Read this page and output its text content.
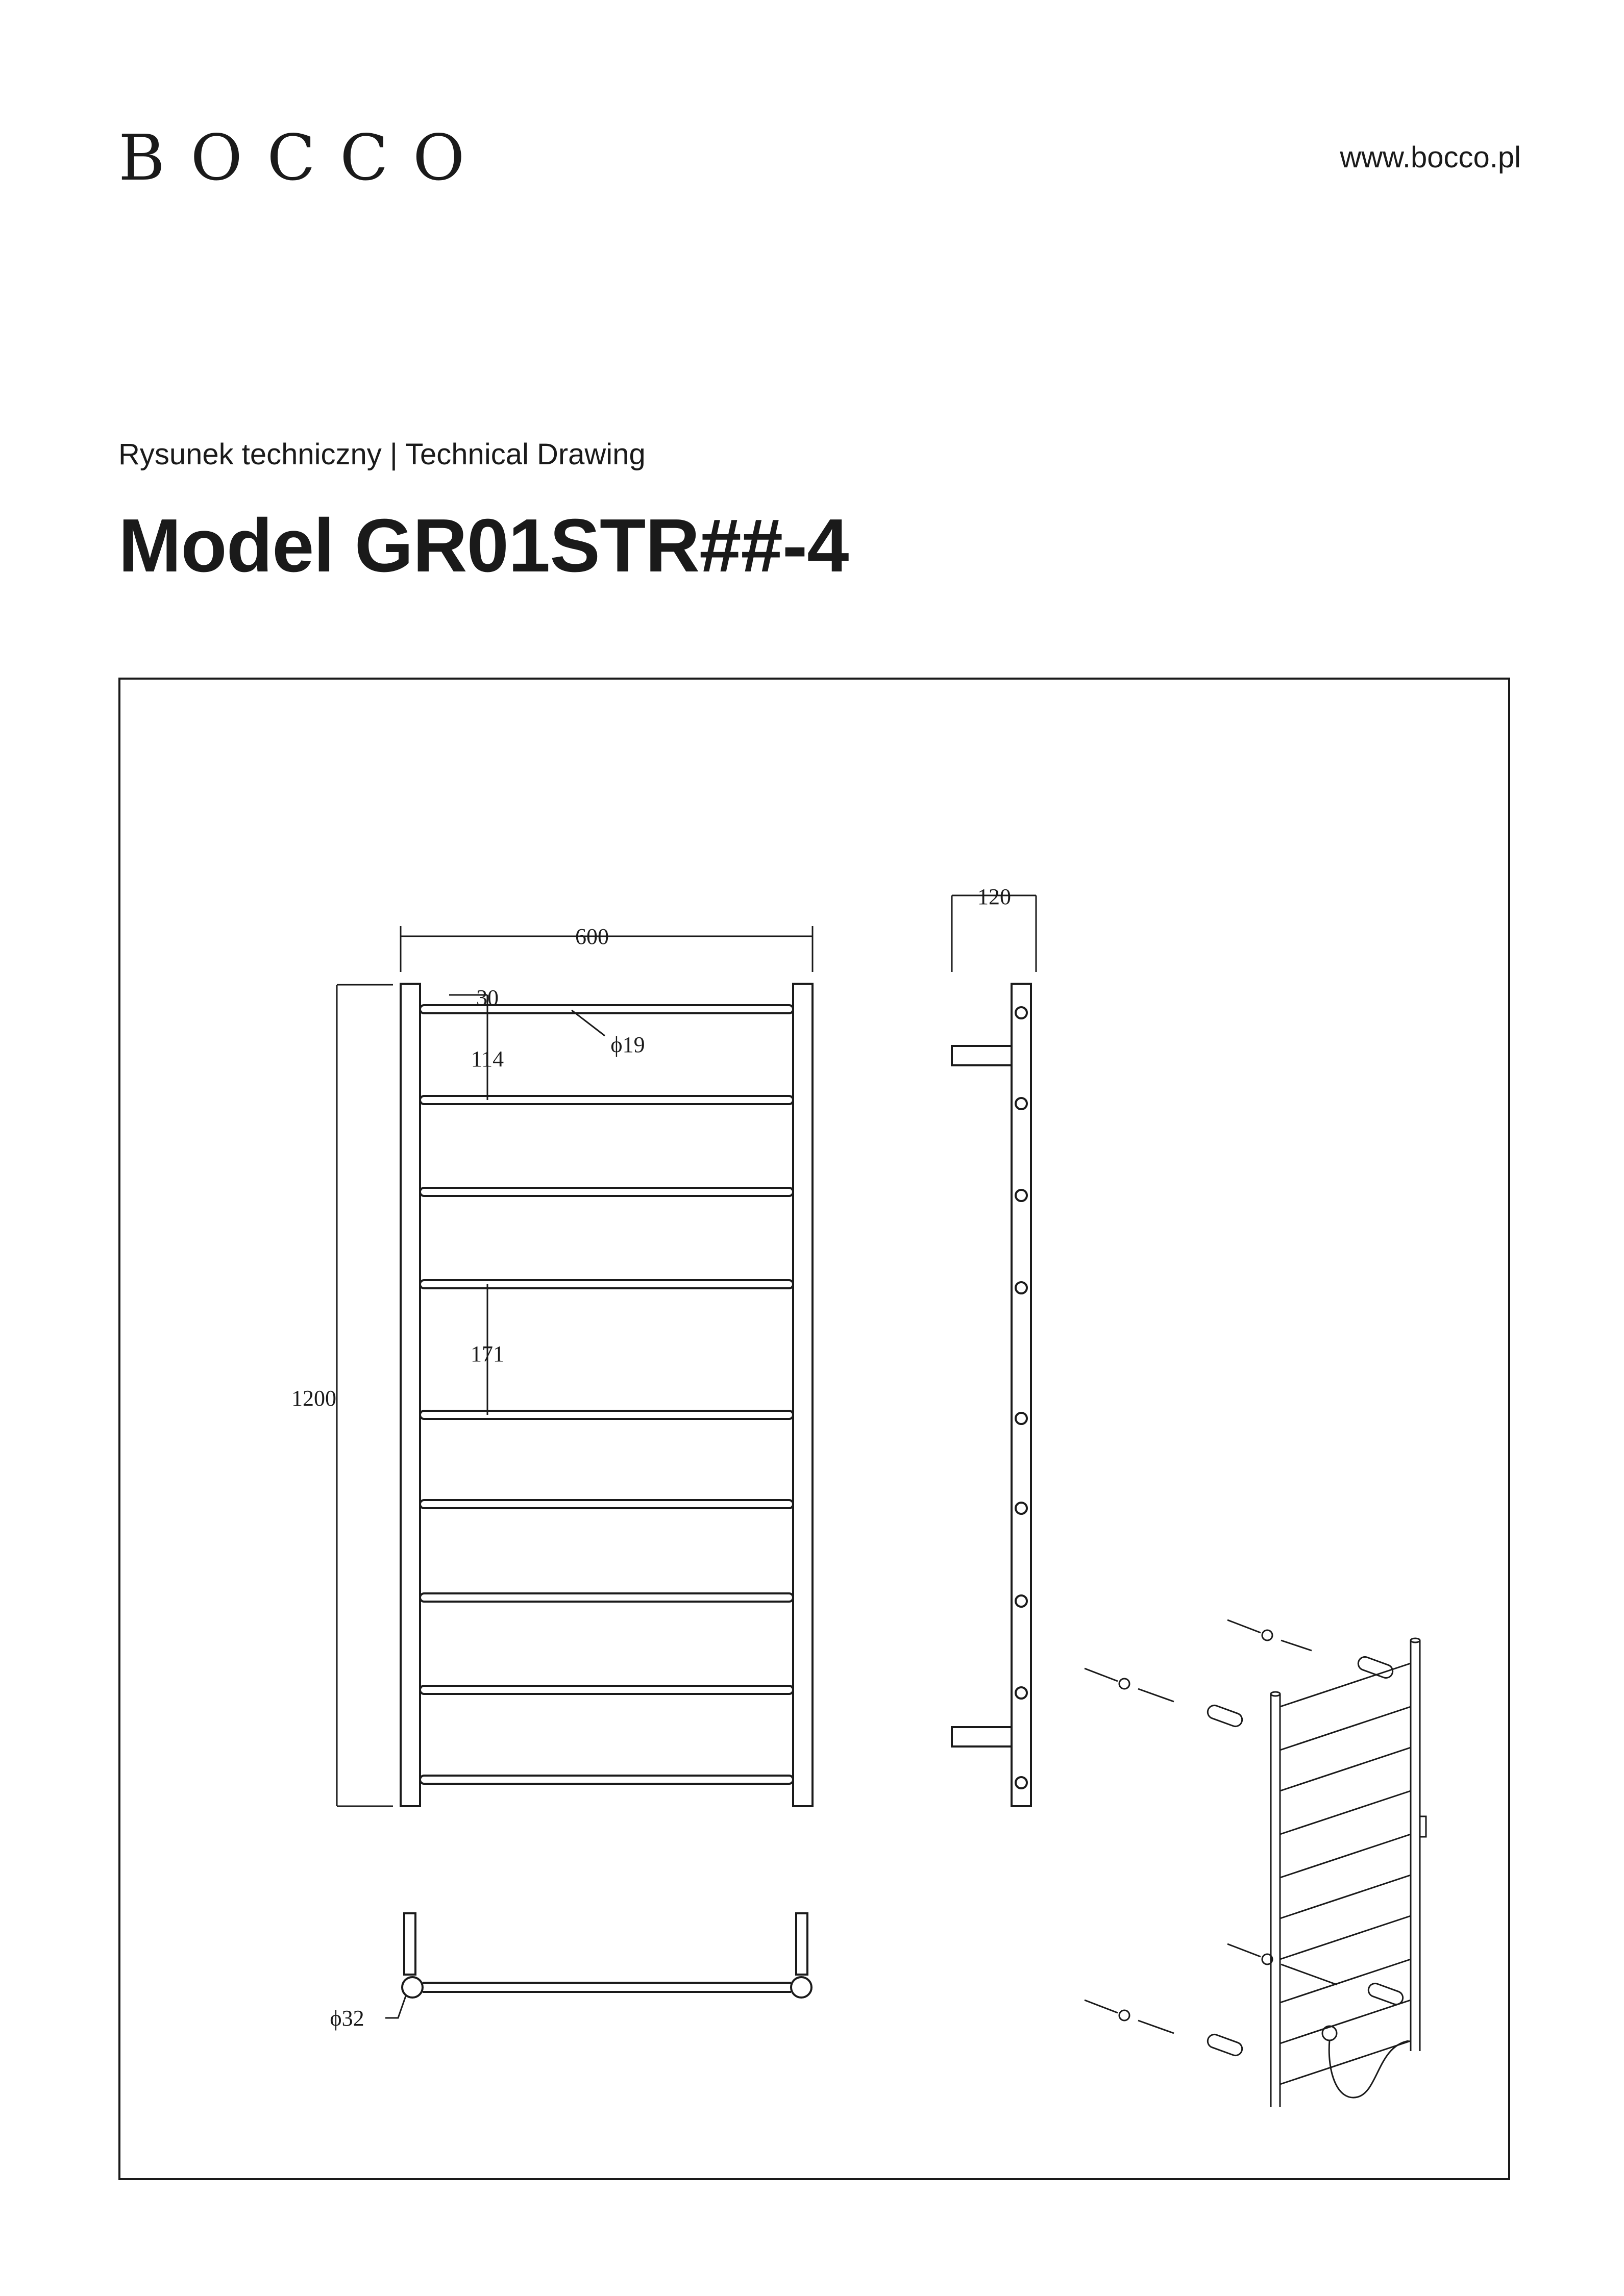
BOCCO	www.bocco.pl
Rysunek techniczny | Technical Drawing
Model GR01STR##-4
600
120
1200
30
ϕ19
114
171
ϕ32
